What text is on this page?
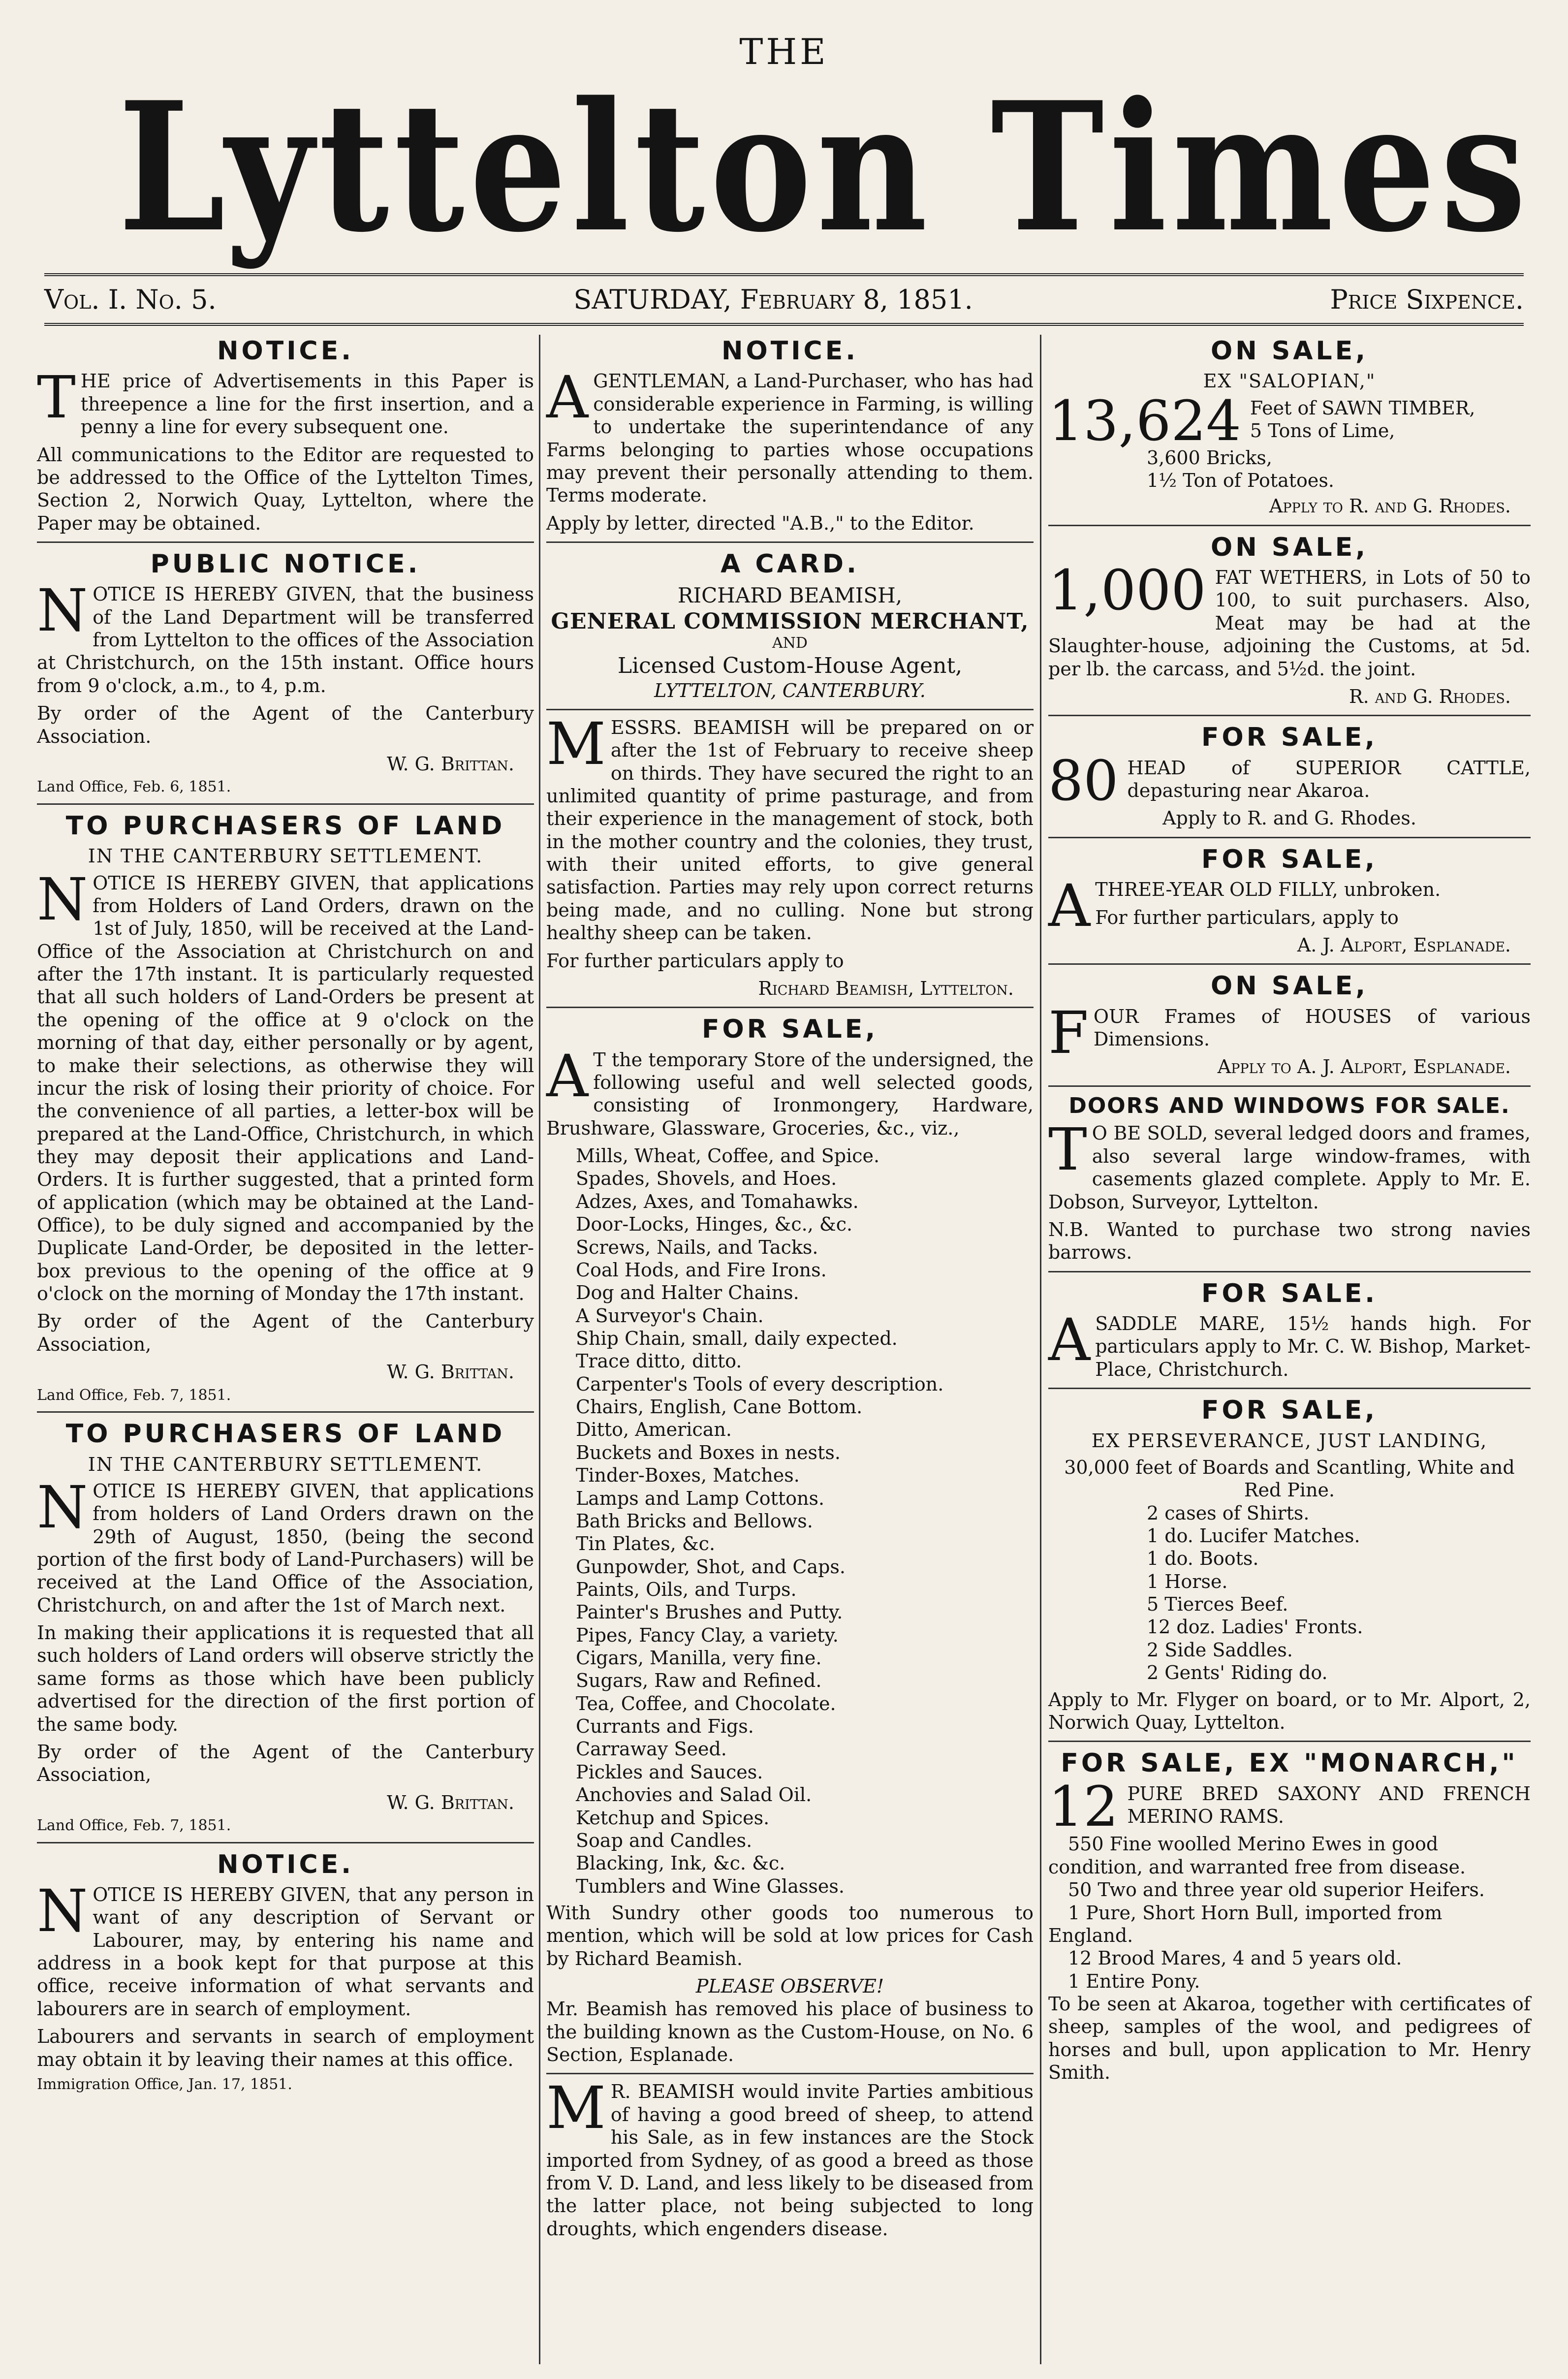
THE
Lyttelton Times
Vol. I. No. 5.	SATURDAY, February 8, 1851.	Price Sixpence.
NOTICE.

THE price of Advertisements in this Paper is threepence a line for the first insertion, and a penny a line for every subsequent one.

All communications to the Editor are requested to be addressed to the Office of the Lyttelton Times, Section 2, Norwich Quay, Lyttelton, where the Paper may be obtained.

PUBLIC NOTICE.

NOTICE IS HEREBY GIVEN, that the business of the Land Department will be transferred from Lyttelton to the offices of the Association at Christchurch, on the 15th instant. Office hours from 9 o'clock, a.m., to 4, p.m.

By order of the Agent of the Canterbury Association.

W. G. Brittan.
Land Office, Feb. 6, 1851.
TO PURCHASERS OF LAND
IN THE CANTERBURY SETTLEMENT.

NOTICE IS HEREBY GIVEN, that applications from Holders of Land Orders, drawn on the 1st of July, 1850, will be received at the Land-Office of the Association at Christchurch on and after the 17th instant. It is particularly requested that all such holders of Land-Orders be present at the opening of the office at 9 o'clock on the morning of that day, either personally or by agent, to make their selections, as otherwise they will incur the risk of losing their priority of choice. For the convenience of all parties, a letter-box will be prepared at the Land-Office, Christchurch, in which they may deposit their applications and Land-Orders. It is further suggested, that a printed form of application (which may be obtained at the Land-Office), to be duly signed and accompanied by the Duplicate Land-Order, be deposited in the letter-box previous to the opening of the office at 9 o'clock on the morning of Monday the 17th instant.

By order of the Agent of the Canterbury Association,

W. G. Brittan.
Land Office, Feb. 7, 1851.
TO PURCHASERS OF LAND
IN THE CANTERBURY SETTLEMENT.

NOTICE IS HEREBY GIVEN, that applications from holders of Land Orders drawn on the 29th of August, 1850, (being the second portion of the first body of Land-Purchasers) will be received at the Land Office of the Association, Christchurch, on and after the 1st of March next.

In making their applications it is requested that all such holders of Land orders will observe strictly the same forms as those which have been publicly advertised for the direction of the first portion of the same body.

By order of the Agent of the Canterbury Association,

W. G. Brittan.
Land Office, Feb. 7, 1851.
NOTICE.

NOTICE IS HEREBY GIVEN, that any person in want of any description of Servant or Labourer, may, by entering his name and address in a book kept for that purpose at this office, receive information of what servants and labourers are in search of employment.

Labourers and servants in search of employment may obtain it by leaving their names at this office.

Immigration Office, Jan. 17, 1851.
NOTICE.

AGENTLEMAN, a Land-Purchaser, who has had considerable experience in Farming, is willing to undertake the superintendance of any Farms belonging to parties whose occupations may prevent their personally attending to them. Terms moderate.

Apply by letter, directed "A.B.," to the Editor.

A CARD.
RICHARD BEAMISH,
GENERAL COMMISSION MERCHANT,
AND
Licensed Custom-House Agent,
LYTTELTON, CANTERBURY.

MESSRS. BEAMISH will be prepared on or after the 1st of February to receive sheep on thirds. They have secured the right to an unlimited quantity of prime pasturage, and from their experience in the management of stock, both in the mother country and the colonies, they trust, with their united efforts, to give general satisfaction. Parties may rely upon correct returns being made, and no culling. None but strong healthy sheep can be taken.

For further particulars apply to

Richard Beamish, Lyttelton.
FOR SALE,

AT the temporary Store of the undersigned, the following useful and well selected goods, consisting of Ironmongery, Hardware, Brushware, Glassware, Groceries, &c., viz.,

Mills, Wheat, Coffee, and Spice.
Spades, Shovels, and Hoes.
Adzes, Axes, and Tomahawks.
Door-Locks, Hinges, &c., &c.
Screws, Nails, and Tacks.
Coal Hods, and Fire Irons.
Dog and Halter Chains.
A Surveyor's Chain.
Ship Chain, small, daily expected.
Trace ditto, ditto.
Carpenter's Tools of every description.
Chairs, English, Cane Bottom.
Ditto, American.
Buckets and Boxes in nests.
Tinder-Boxes, Matches.
Lamps and Lamp Cottons.
Bath Bricks and Bellows.
Tin Plates, &c.
Gunpowder, Shot, and Caps.
Paints, Oils, and Turps.
Painter's Brushes and Putty.
Pipes, Fancy Clay, a variety.
Cigars, Manilla, very fine.
Sugars, Raw and Refined.
Tea, Coffee, and Chocolate.
Currants and Figs.
Carraway Seed.
Pickles and Sauces.
Anchovies and Salad Oil.
Ketchup and Spices.
Soap and Candles.
Blacking, Ink, &c. &c.
Tumblers and Wine Glasses.

With Sundry other goods too numerous to mention, which will be sold at low prices for Cash by Richard Beamish.

PLEASE OBSERVE!

Mr. Beamish has removed his place of business to the building known as the Custom-House, on No. 6 Section, Esplanade.

MR. BEAMISH would invite Parties ambitious of having a good breed of sheep, to attend his Sale, as in few instances are the Stock imported from Sydney, of as good a breed as those from V. D. Land, and less likely to be diseased from the latter place, not being subjected to long droughts, which engenders disease.

ON SALE,
EX "SALOPIAN,"
13,624 Feet of SAWN TIMBER,
5 Tons of Lime,
3,600 Bricks,
1½ Ton of Potatoes.
Apply to R. and G. Rhodes.
ON SALE,

1,000 FAT WETHERS, in Lots of 50 to 100, to suit purchasers. Also, Meat may be had at the Slaughter-house, adjoining the Customs, at 5d. per lb. the carcass, and 5½d. the joint.

R. and G. Rhodes.
FOR SALE,

80 HEAD of SUPERIOR CATTLE, depasturing near Akaroa.

Apply to R. and G. Rhodes.
FOR SALE,

ATHREE-YEAR OLD FILLY, unbroken.

For further particulars, apply to

A. J. Alport, Esplanade.
ON SALE,

FOUR Frames of HOUSES of various Dimensions.

Apply to A. J. Alport, Esplanade.
DOORS AND WINDOWS FOR SALE.

TO BE SOLD, several ledged doors and frames, also several large window-frames, with casements glazed complete. Apply to Mr. E. Dobson, Surveyor, Lyttelton.

N.B. Wanted to purchase two strong navies barrows.

FOR SALE.

ASADDLE MARE, 15½ hands high. For particulars apply to Mr. C. W. Bishop, Market-Place, Christchurch.

FOR SALE,
EX PERSEVERANCE, JUST LANDING,
30,000 feet of Boards and Scantling, White and Red Pine.
2 cases of Shirts.
1 do. Lucifer Matches.
1 do. Boots.
1 Horse.
5 Tierces Beef.
12 doz. Ladies' Fronts.
2 Side Saddles.
2 Gents' Riding do.

Apply to Mr. Flyger on board, or to Mr. Alport, 2, Norwich Quay, Lyttelton.

FOR SALE, EX "MONARCH,"

12 PURE BRED SAXONY AND FRENCH MERINO RAMS.

550 Fine woolled Merino Ewes in good condition, and warranted free from disease.
50 Two and three year old superior Heifers.
1 Pure, Short Horn Bull, imported from England.
12 Brood Mares, 4 and 5 years old.
1 Entire Pony.

To be seen at Akaroa, together with certificates of sheep, samples of the wool, and pedigrees of horses and bull, upon application to Mr. Henry Smith.
